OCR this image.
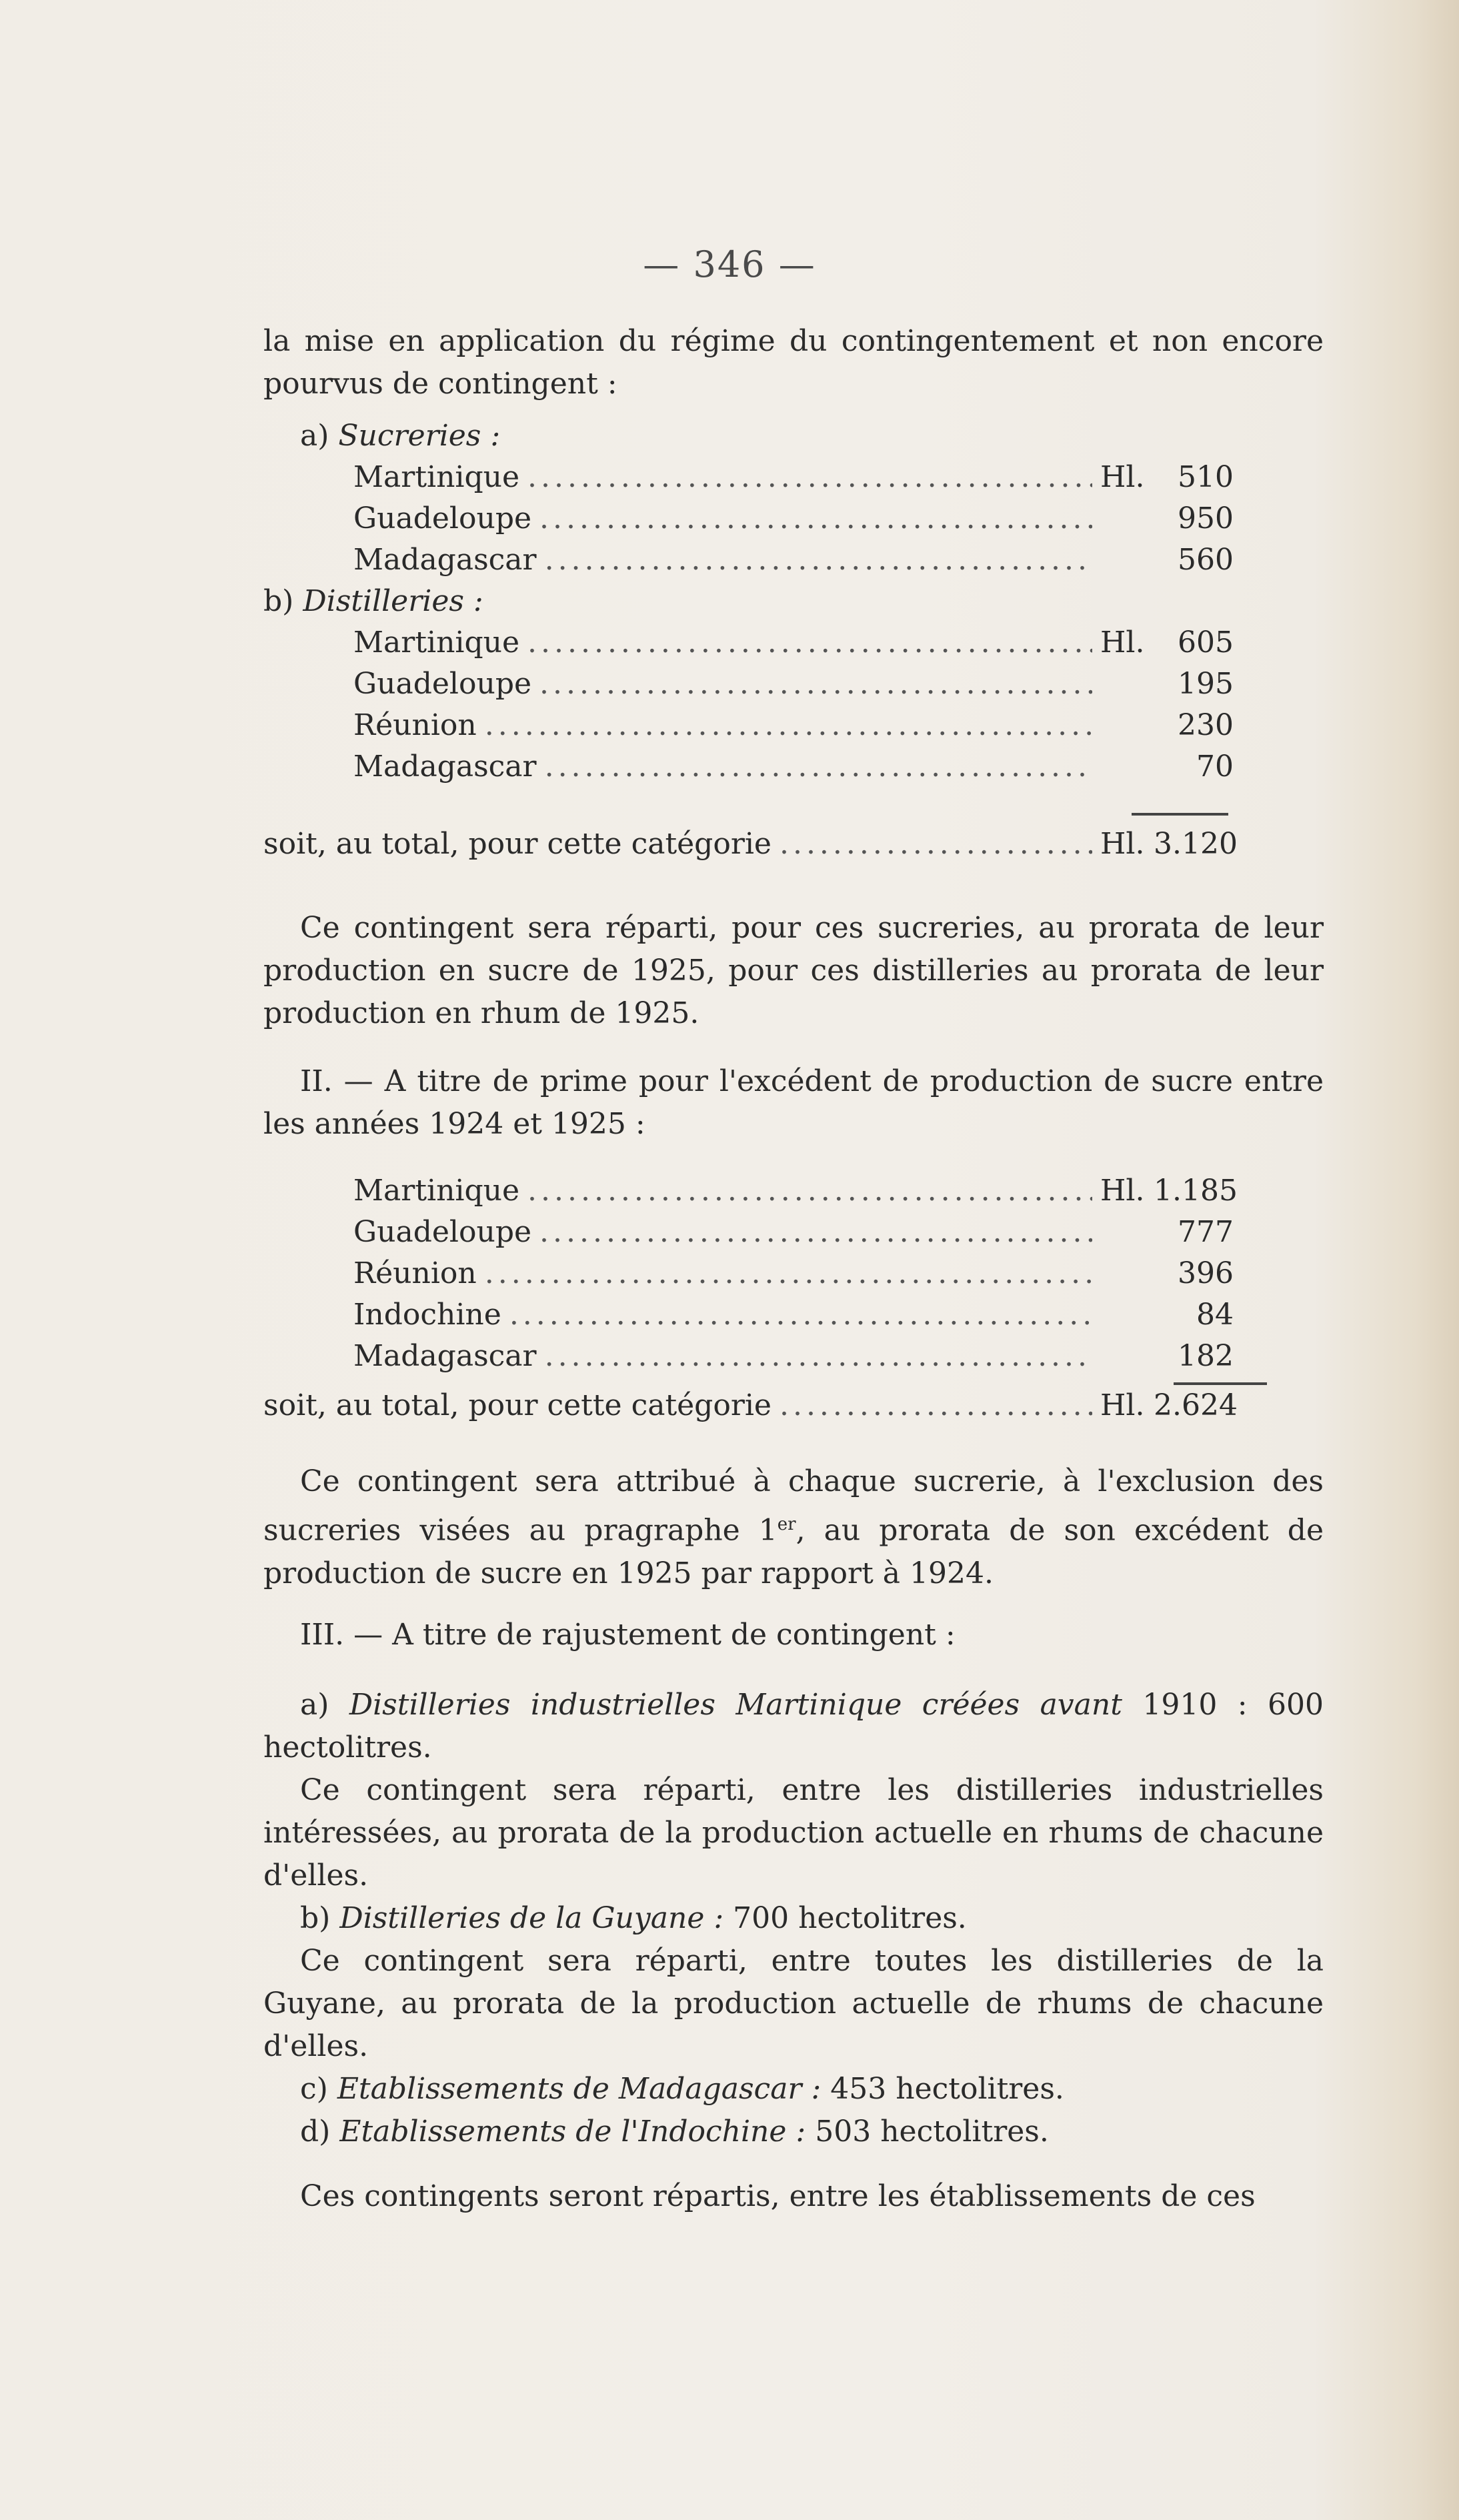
— 346 —

la mise en application du régime du contingentement et non encore pourvus de contingent :

a) Sucreries :
Martinique .....	Hl.	510
Guadeloupe .....	950
Madagascar .....	560
b) Distilleries :
Martinique .....	Hl.	605
Guadeloupe .....	195
Réunion .....	230
Madagascar .....	70
soit, au total, pour cette catégorie .....	Hl. 3.120

Ce contingent sera réparti, pour ces sucreries, au prorata de leur production en sucre de 1925, pour ces distilleries au prorata de leur production en rhum de 1925.

II. — A titre de prime pour l'excédent de production de sucre entre les années 1924 et 1925 :

Martinique .....	Hl. 1.185
Guadeloupe .....	777
Réunion .....	396
Indochine .....	84
Madagascar .....	182
soit, au total, pour cette catégorie .....	Hl. 2.624

Ce contingent sera attribué à chaque sucrerie, à l'exclusion des sucreries visées au pragraphe 1er, au prorata de son excédent de production de sucre en 1925 par rapport à 1924.

III. — A titre de rajustement de contingent :

a) Distilleries industrielles Martinique créées avant 1910 : 600 hectolitres.

Ce contingent sera réparti, entre les distilleries industrielles intéressées, au prorata de la production actuelle en rhums de chacune d'elles.

b) Distilleries de la Guyane : 700 hectolitres.

Ce contingent sera réparti, entre toutes les distilleries de la Guyane, au prorata de la production actuelle de rhums de chacune d'elles.

c) Etablissements de Madagascar : 453 hectolitres.

d) Etablissements de l'Indochine : 503 hectolitres.

Ces contingents seront répartis, entre les établissements de ces
